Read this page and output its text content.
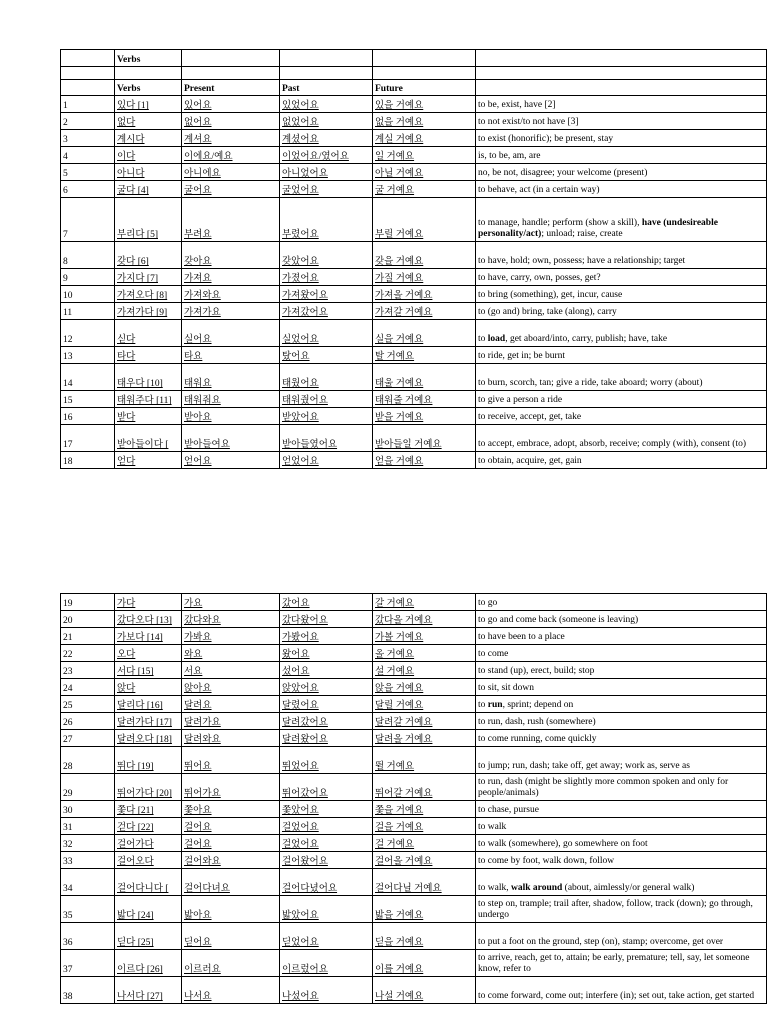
	Verbs				

	Verbs	Present	Past	Future	
1	있다 [1]	있어요	있었어요	있을 거예요	to be, exist, have [2]
2	없다	없어요	없었어요	없을 거예요	to not exist/to not have [3]
3	계시다	계셔요	계셨어요	계실 거예요	to exist (honorific); be present, stay
4	이다	이에요/예요	이었어요/였어요	일 거예요	is, to be, am, are
5	아니다	아니에요	아니었어요	아닐 거예요	no, be not, disagree; your welcome (present)
6	굴다 [4]	굴어요	굴었어요	굴 거예요	to behave, act (in a certain way)
7	부리다 [5]	부려요	부렸어요	부릴 거예요	to manage, handle; perform (show a skill), have (undesireable personality/act); unload; raise, create
8	갖다 [6]	갖아요	갖았어요	갖을 거예요	to have, hold; own, possess; have a relationship; target
9	가지다 [7]	가져요	가졌어요	가질 거예요	to have, carry, own, posses, get?
10	가져오다 [8]	가져와요	가져왔어요	가져올 거예요	to bring (something), get, incur, cause
11	가져가다 [9]	가져가요	가져갔어요	가져갈 거예요	to (go and) bring, take (along), carry
12	싣다	실어요	실었어요	실을 거예요	to load, get aboard/into, carry, publish; have, take
13	타다	타요	탔어요	탈 거예요	to ride, get in; be burnt
14	태우다 [10]	태워요	태웠어요	태울 거예요	to burn, scorch, tan; give a ride, take aboard; worry (about)
15	태워주다 [11]	태워줘요	태워줬어요	태워줄 거예요	to give a person a ride
16	받다	받아요	받았어요	받을 거예요	to receive, accept, get, take
17	받아들이다 [	받아들여요	받아들였어요	받아들일 거예요	to accept, embrace, adopt, absorb, receive; comply (with), consent (to)
18	얻다	얻어요	얻었어요	얻을 거예요	to obtain, acquire, get, gain
19	가다	가요	갔어요	갈 거예요	to go
20	갔다오다 [13]	갔다와요	갔다왔어요	갔다올 거예요	to go and come back (someone is leaving)
21	가보다 [14]	가봐요	가봤어요	가볼 거예요	to have been to a place
22	오다	와요	왔어요	올 거예요	to come
23	서다 [15]	서요	섰어요	설 거예요	to stand (up), erect, build; stop
24	앉다	앉아요	앉았어요	앉을 거예요	to sit, sit down
25	달리다 [16]	달려요	달렸어요	달릴 거예요	to run, sprint; depend on
26	달려가다 [17]	달려가요	달려갔어요	달려갈 거예요	to run, dash, rush (somewhere)
27	달려오다 [18]	달려와요	달려왔어요	달려올 거예요	to come running, come quickly
28	뛰다 [19]	뛰어요	뛰었어요	뛸 거예요	to jump; run, dash; take off, get away; work as, serve as
29	뛰어가다 [20]	뛰어가요	뛰어갔어요	뛰어갈 거예요	to run, dash (might be slightly more common spoken and only for people/animals)
30	쫓다 [21]	쫓아요	쫓았어요	쫓을 거예요	to chase, pursue
31	걷다 [22]	걸어요	걸었어요	걸을 거예요	to walk
32	걸어가다	걸어요	걸었어요	걸 거예요	to walk (somewhere), go somewhere on foot
33	걸어오다	걸어와요	걸어왔어요	걸어올 거예요	to come by foot, walk down, follow
34	걸어다니다 [	걸어다녀요	걸어다녔어요	걸어다닐 거예요	to walk, walk around (about, aimlessly/or general walk)
35	밟다 [24]	밟아요	밟았어요	밟을 거예요	to step on, trample; trail after, shadow, follow, track (down); go through, undergo
36	딛다 [25]	딛어요	딛었어요	딛을 거예요	to put a foot on the ground, step (on), stamp; overcome, get over
37	이르다 [26]	이르러요	이르렀어요	이를 거예요	to arrive, reach, get to, attain; be early, premature; tell, say, let someone know, refer to
38	나서다 [27]	나서요	나섰어요	나설 거예요	to come forward, come out; interfere (in); set out, take action, get started
